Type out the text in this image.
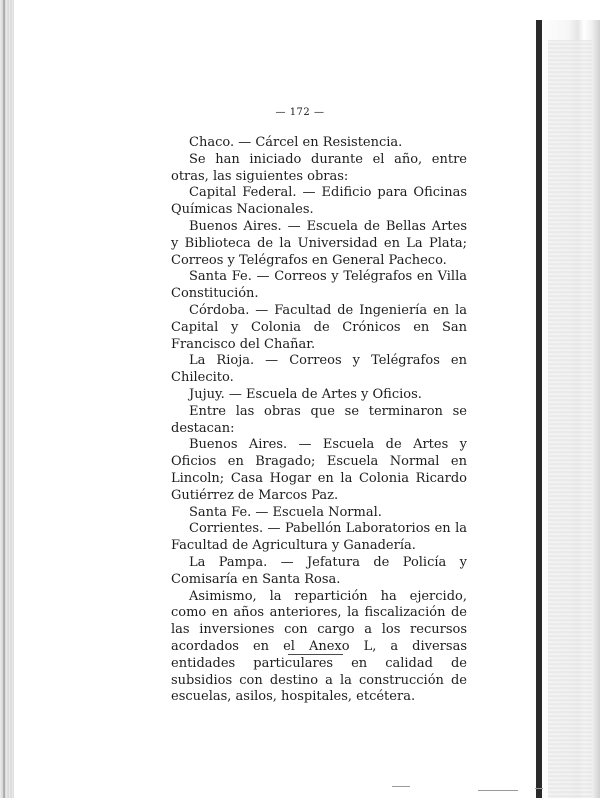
— 172 —

Chaco. — Cárcel en Resistencia.

Se han iniciado durante el año, entre otras, las siguientes obras:

Capital Federal. — Edificio para Oficinas Químicas Nacionales.

Buenos Aires. — Escuela de Bellas Artes y Biblioteca de la Universidad en La Plata; Correos y Telégrafos en General Pacheco.

Santa Fe. — Correos y Telégrafos en Villa Constitución.

Córdoba. — Facultad de Ingeniería en la Capital y Colonia de Crónicos en San Francisco del Chañar.

La Rioja. — Correos y Telégrafos en Chilecito.

Jujuy. — Escuela de Artes y Oficios.

Entre las obras que se terminaron se destacan:

Buenos Aires. — Escuela de Artes y Oficios en Bragado; Escuela Normal en Lincoln; Casa Hogar en la Colonia Ricardo Gutiérrez de Marcos Paz.

Santa Fe. — Escuela Normal.

Corrientes. — Pabellón Laboratorios en la Facultad de Agricultura y Ganadería.

La Pampa. — Jefatura de Policía y Comisaría en Santa Rosa.

Asimismo, la repartición ha ejercido, como en años anteriores, la fiscalización de las inversiones con cargo a los recursos acordados en el Anexo L, a diversas entidades particulares en calidad de subsidios con destino a la construcción de escuelas, asilos, hospitales, etcétera.
